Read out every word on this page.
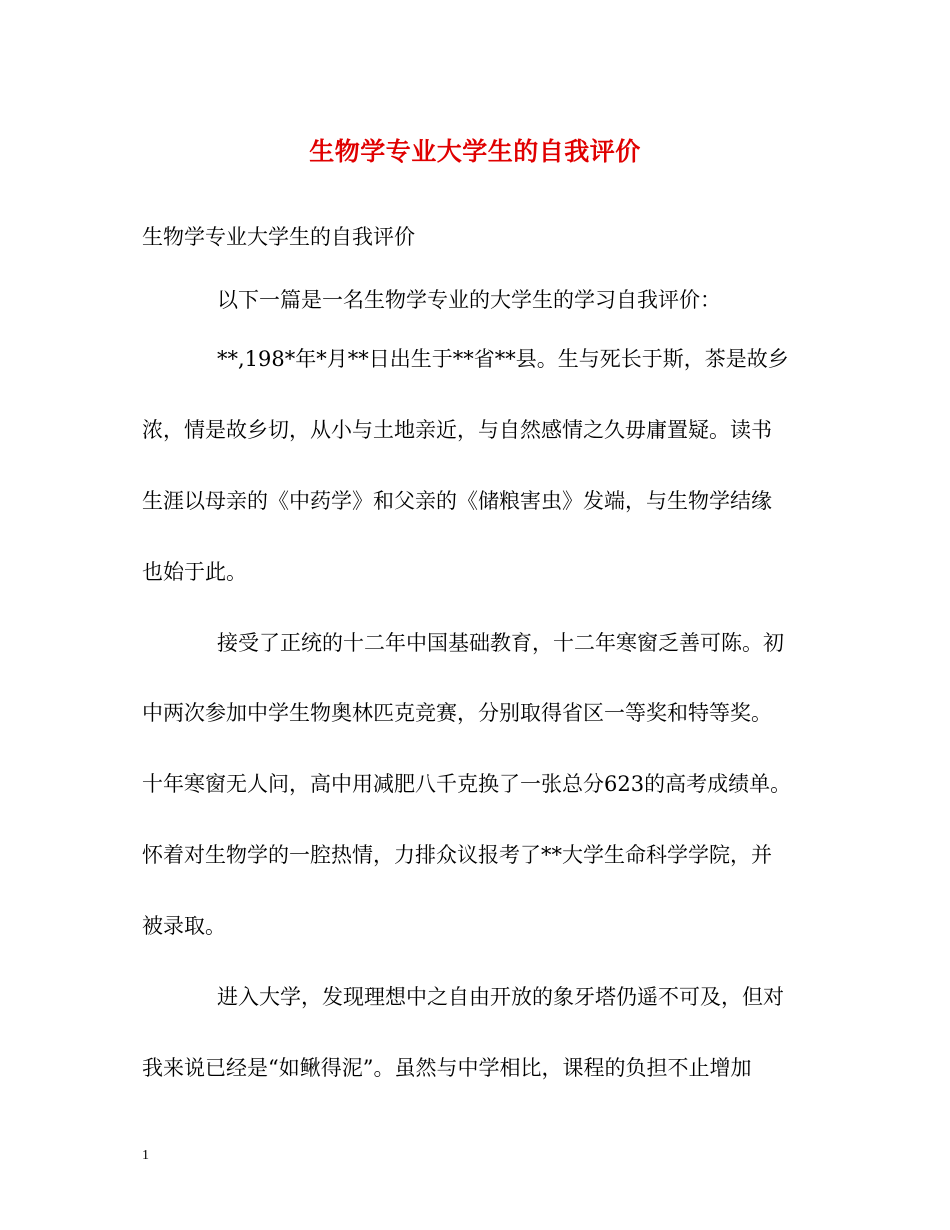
生物学专业大学生的自我评价
生物学专业大学生的自我评价
以下一篇是一名生物学专业的大学生的学习自我评价：
**,198*年*月**日出生于**省**县。生与死长于斯，茶是故乡
浓，情是故乡切，从小与土地亲近，与自然感情之久毋庸置疑。读书
生涯以母亲的《中药学》和父亲的《储粮害虫》发端，与生物学结缘
也始于此。
接受了正统的十二年中国基础教育，十二年寒窗乏善可陈。初
中两次参加中学生物奥林匹克竞赛，分别取得省区一等奖和特等奖。
十年寒窗无人问，高中用减肥八千克换了一张总分623的高考成绩单。
怀着对生物学的一腔热情，力排众议报考了**大学生命科学学院，并
被录取。
进入大学，发现理想中之自由开放的象牙塔仍遥不可及，但对
我来说已经是“如鳅得泥”。虽然与中学相比，课程的负担不止增加
1
